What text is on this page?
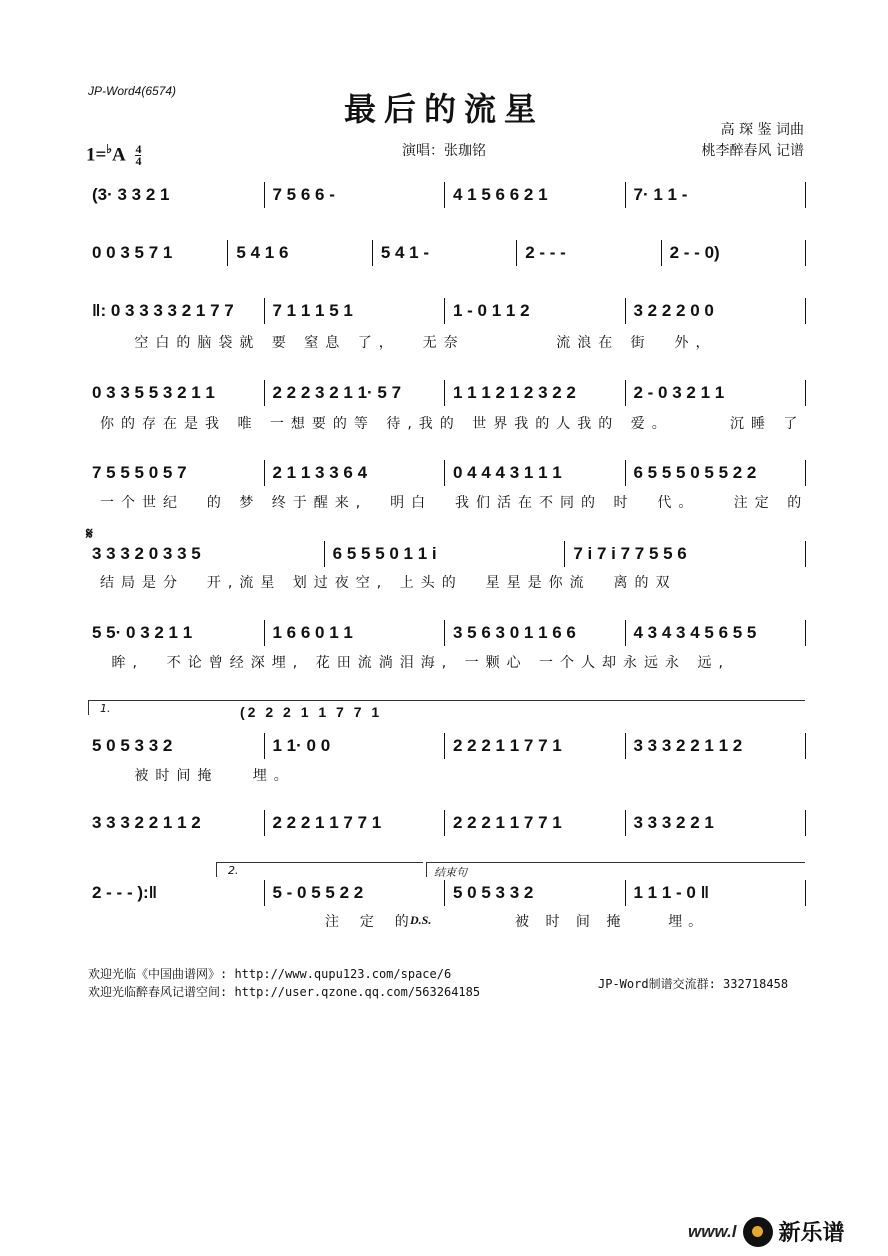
JP-Word4(6574)	最后的流星
$1=^♭A \frac{4}{4}$	演唱：张珈铭
高 琛 鉴 词曲
桃李醉春风 记谱
(3· 3 3 2 1	7 5 6 6 -	4 1 5 6 6 2 1	7· 1 1 -
0 0 3 5 7 1	5 4 1 6	5 4 1 -	2 - - -	2 - - 0)
‖: 0 3 3 3 3 2 1 7 7	7 1 1 1 5 1	1 - 0 1 1 2	3 2 2 2 0 0
空白的脑袋就 要 窒息 了，  无奈        流浪在 街  外，
0 3 3 5 5 3 2 1 1	2 2 2 3 2 1 1· 5 7	1 1 1 2 1 2 3 2 2	2 - 0 3 2 1 1
你的存在是我 唯 一想要的等 待,我的 世界我的人我的 爱。     沉睡 了
7 5 5 5 0 5 7	2 1 1 3 3 6 4	0 4 4 4 3 1 1 1	6 5 5 5 0 5 5 2 2
一个世纪  的 梦 终于醒来,  明白  我们活在不同的 时  代。   注定 的
3 3 3 2 0 3 3 5	6 5 5 5 0 1 1 i	7 i 7 i 7 7 5 5 6
结局是分  开,流星 划过夜空, 上头的  星星是你流  离的双
5 5· 0 3 2 1 1	1 6 6 0 1 1	3 5 6 3 0 1 1 6 6	4 3 4 3 4 5 6 5 5
眸,  不论曾经深埋, 花田流淌泪海, 一颗心 一个人却永远永 远,
5 0 5 3 3 2	1 1· 0 0	2 2 2 1 1 7 7 1	3 3 3 2 2 1 1 2
被时间掩   埋。
1.	(2 2 2 1 1 7 7 1
3 3 3 2 2 1 1 2	2 2 2 1 1 7 7 1	2 2 2 1 1 7 7 1	3 3 3 2 2 1
2 - - - ):‖	5 - 0 5 5 2 2	5 0 5 3 3 2	1 1 1 - 0 ‖
2.	结束句
注  定  的
D.S.	被 时 间 掩    埋。
𝄋
欢迎光临《中国曲谱网》: http://www.qupu123.com/space/6
欢迎光临醉春风记谱空间: http://user.qzone.qq.com/563264185
JP-Word制谱交流群: 332718458
www.l 新乐谱
